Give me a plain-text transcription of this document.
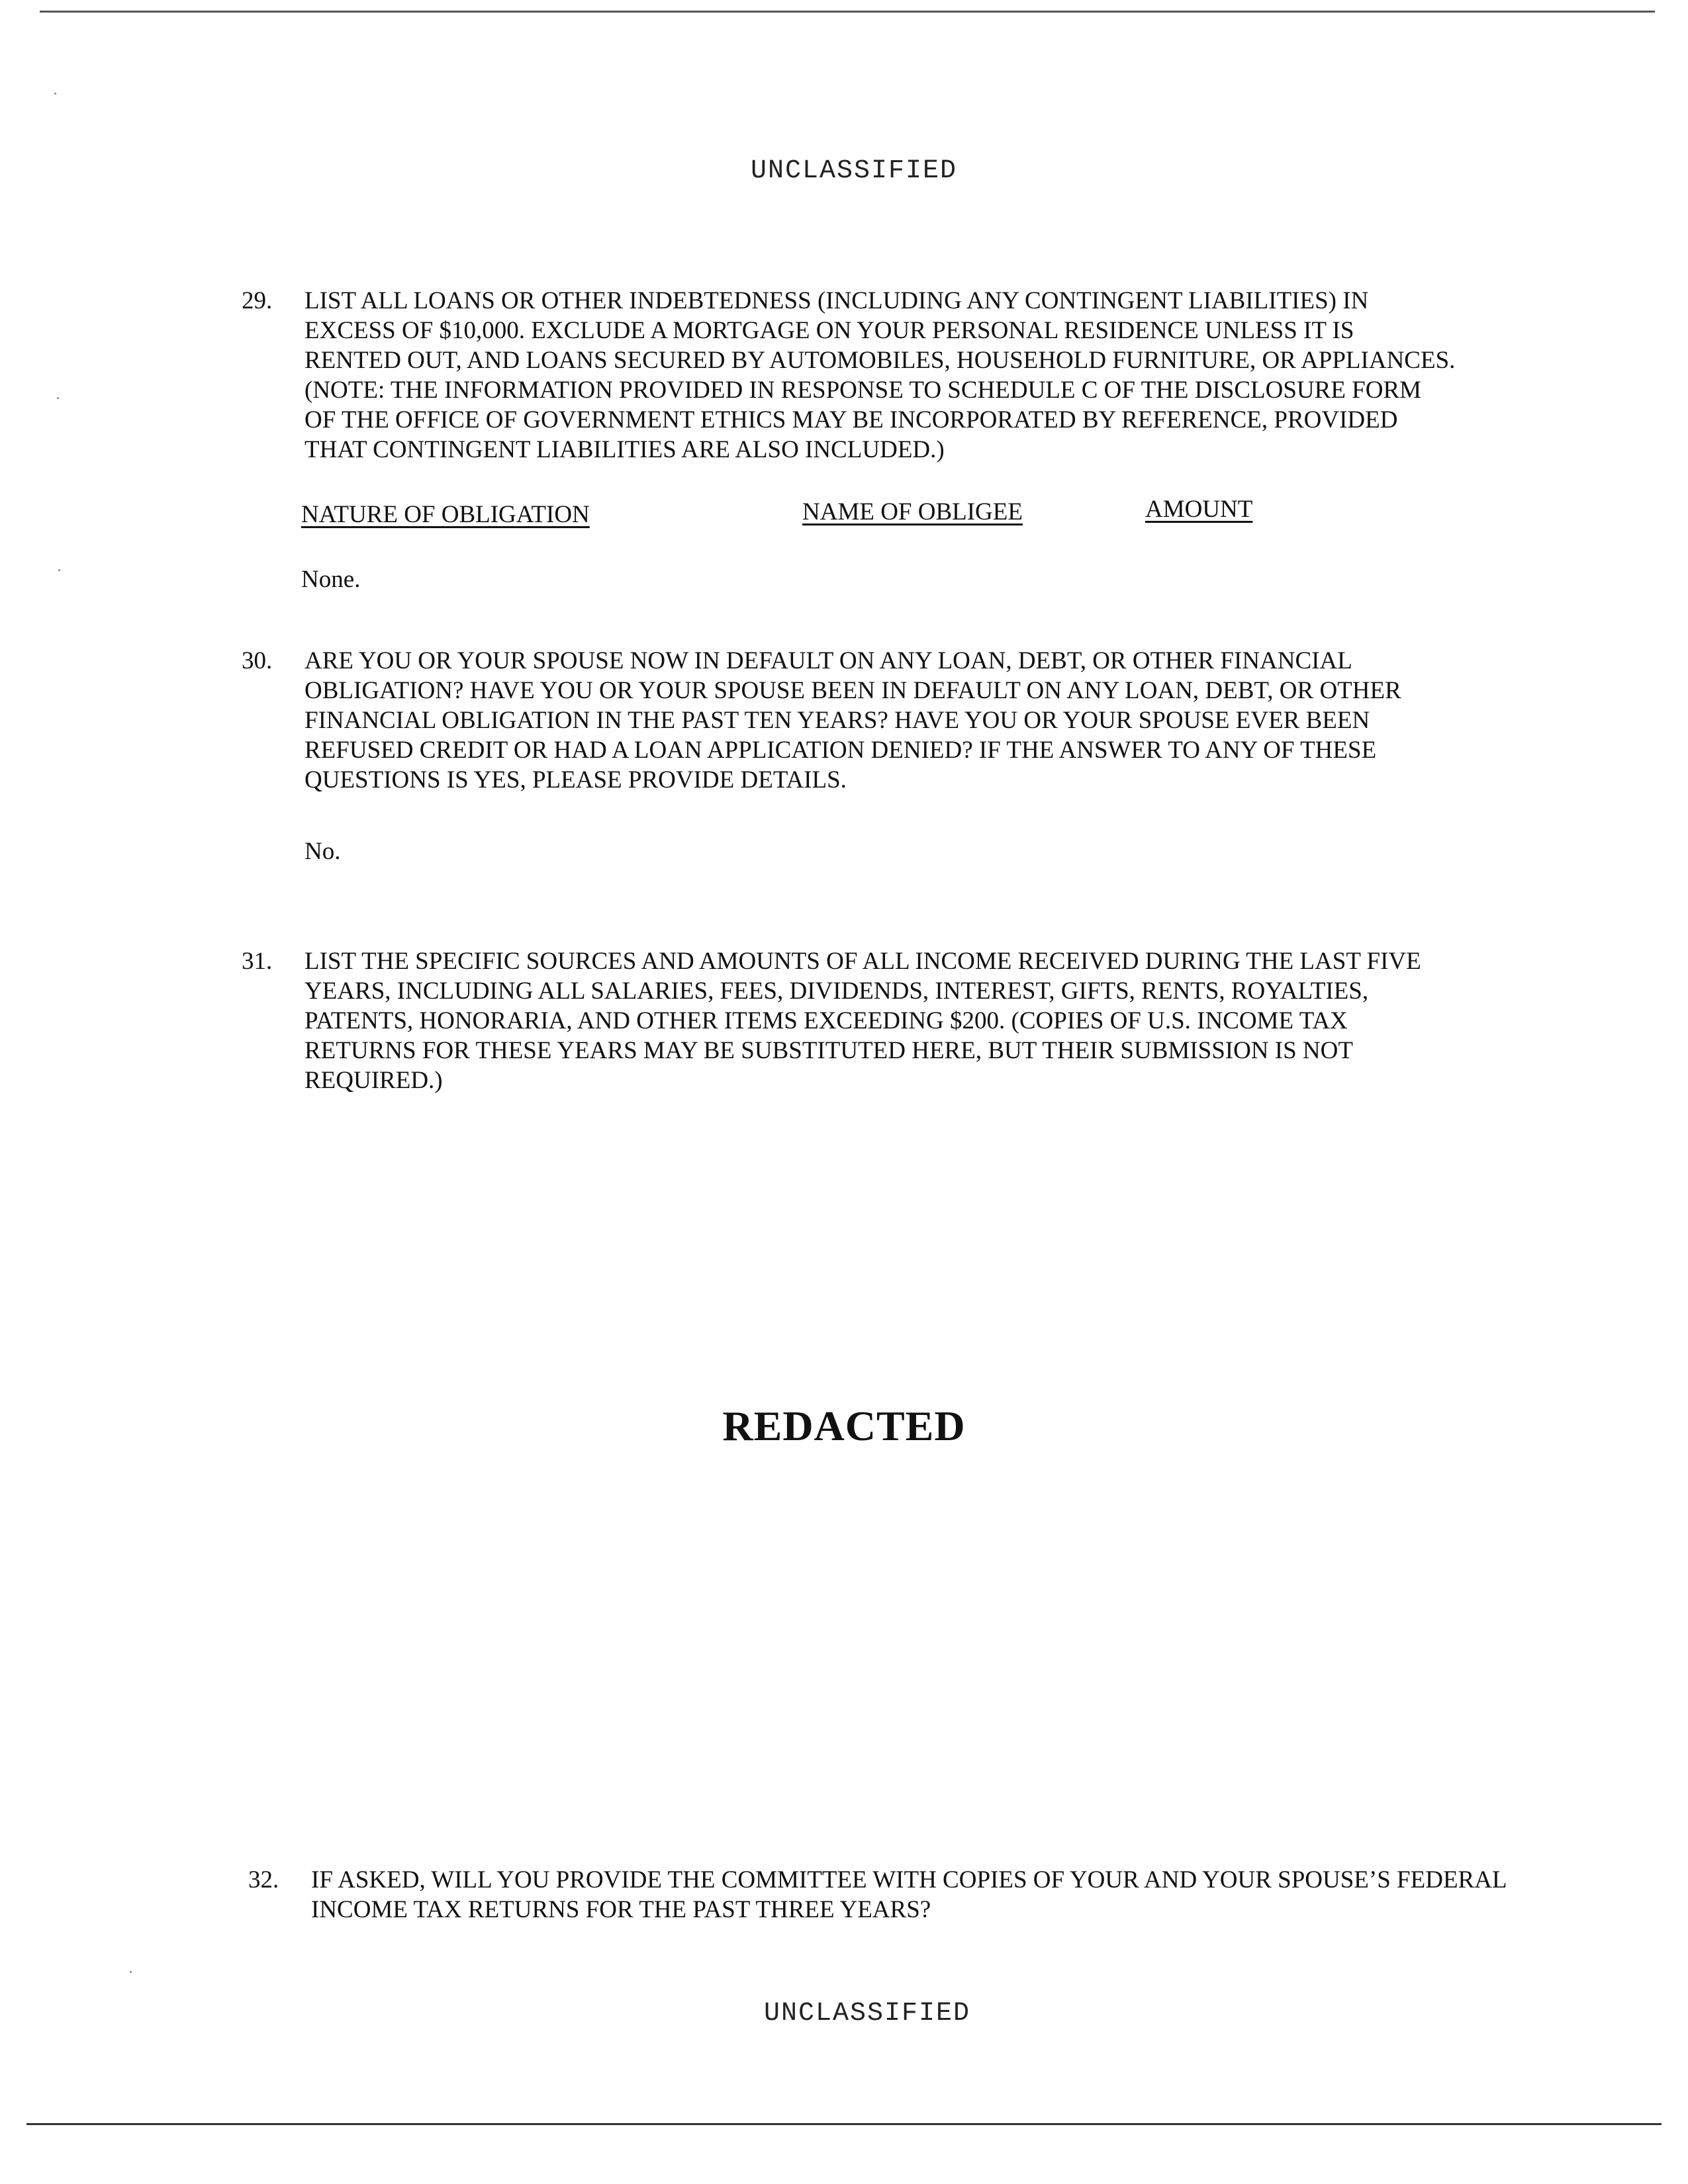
UNCLASSIFIED
29. LIST ALL LOANS OR OTHER INDEBTEDNESS (INCLUDING ANY CONTINGENT LIABILITIES) IN EXCESS OF $10,000. EXCLUDE A MORTGAGE ON YOUR PERSONAL RESIDENCE UNLESS IT IS RENTED OUT, AND LOANS SECURED BY AUTOMOBILES, HOUSEHOLD FURNITURE, OR APPLIANCES. (NOTE: THE INFORMATION PROVIDED IN RESPONSE TO SCHEDULE C OF THE DISCLOSURE FORM OF THE OFFICE OF GOVERNMENT ETHICS MAY BE INCORPORATED BY REFERENCE, PROVIDED THAT CONTINGENT LIABILITIES ARE ALSO INCLUDED.)
NATURE OF OBLIGATION	NAME OF OBLIGEE	AMOUNT
None.
30. ARE YOU OR YOUR SPOUSE NOW IN DEFAULT ON ANY LOAN, DEBT, OR OTHER FINANCIAL OBLIGATION? HAVE YOU OR YOUR SPOUSE BEEN IN DEFAULT ON ANY LOAN, DEBT, OR OTHER FINANCIAL OBLIGATION IN THE PAST TEN YEARS? HAVE YOU OR YOUR SPOUSE EVER BEEN REFUSED CREDIT OR HAD A LOAN APPLICATION DENIED? IF THE ANSWER TO ANY OF THESE QUESTIONS IS YES, PLEASE PROVIDE DETAILS.
No.
31. LIST THE SPECIFIC SOURCES AND AMOUNTS OF ALL INCOME RECEIVED DURING THE LAST FIVE YEARS, INCLUDING ALL SALARIES, FEES, DIVIDENDS, INTEREST, GIFTS, RENTS, ROYALTIES, PATENTS, HONORARIA, AND OTHER ITEMS EXCEEDING $200. (COPIES OF U.S. INCOME TAX RETURNS FOR THESE YEARS MAY BE SUBSTITUTED HERE, BUT THEIR SUBMISSION IS NOT REQUIRED.)
REDACTED
32. IF ASKED, WILL YOU PROVIDE THE COMMITTEE WITH COPIES OF YOUR AND YOUR SPOUSE’S FEDERAL INCOME TAX RETURNS FOR THE PAST THREE YEARS?
UNCLASSIFIED
